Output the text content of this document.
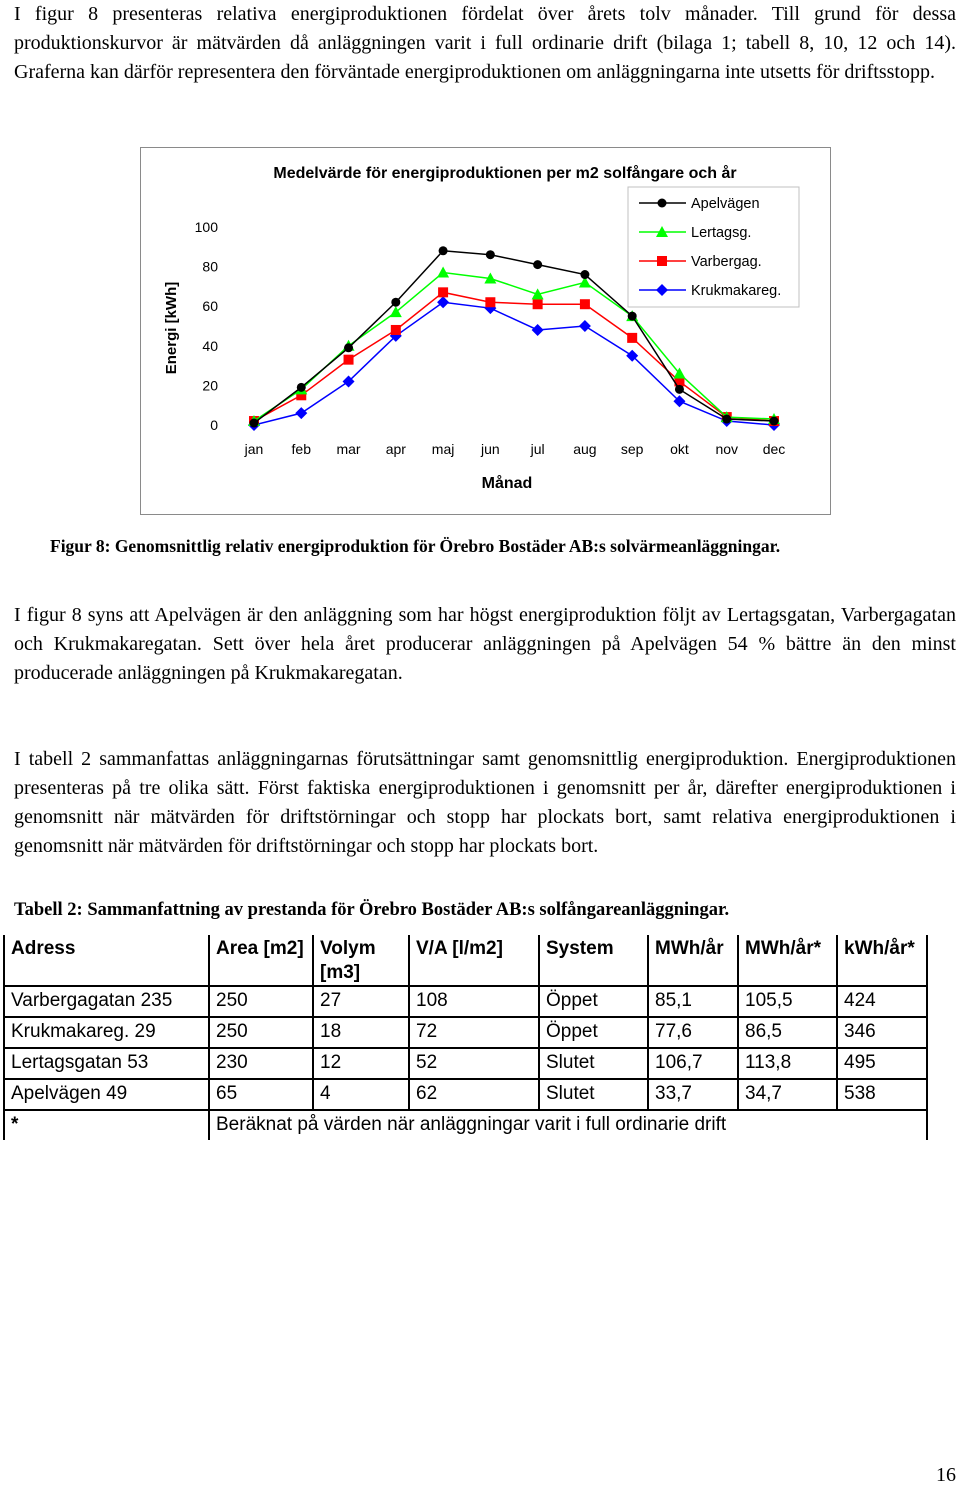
I figur 8 presenteras relativa energiproduktionen fördelat över årets tolv månader. Till grund för dessa produktionskurvor är mätvärden då anläggningen varit i full ordinarie drift (bilaga 1; tabell 8, 10, 12 och 14). Graferna kan därför representera den förväntade energiproduktionen om anläggningarna inte utsetts för driftsstopp.

Medelvärde för energiproduktionen per m2 solfångare och år
Energi [kWh]
Månad
0
20
40
60
80
100
jan feb mar apr maj jun jul aug sep okt nov dec
Apelvägen
Lertagsg.
Varbergag.
Krukmakareg.

Figur 8: Genomsnittlig relativ energiproduktion för Örebro Bostäder AB:s solvärmeanläggningar.

I figur 8 syns att Apelvägen är den anläggning som har högst energiproduktion följt av Lertagsgatan, Varbergagatan och Krukmakaregatan. Sett över hela året producerar anläggningen på Apelvägen 54 % bättre än den minst producerade anläggningen på Krukmakaregatan.

I tabell 2 sammanfattas anläggningarnas förutsättningar samt genomsnittlig energiproduktion. Energiproduktionen presenteras på tre olika sätt. Först faktiska energiproduktionen i genomsnitt per år, därefter energiproduktionen i genomsnitt när mätvärden för driftstörningar och stopp har plockats bort, samt relativa energiproduktionen i genomsnitt när mätvärden för driftstörningar och stopp har plockats bort.

Tabell 2: Sammanfattning av prestanda för Örebro Bostäder AB:s solfångareanläggningar.

Adress	Area [m2]	Volym [m3]	V/A [l/m2]	System	MWh/år	MWh/år*	kWh/år*
Varbergagatan 235	250	27	108	Öppet	85,1	105,5	424
Krukmakareg. 29	250	18	72	Öppet	77,6	86,5	346
Lertagsgatan 53	230	12	52	Slutet	106,7	113,8	495
Apelvägen 49	65	4	62	Slutet	33,7	34,7	538
*	Beräknat på värden när anläggningar varit i full ordinarie drift						

16
